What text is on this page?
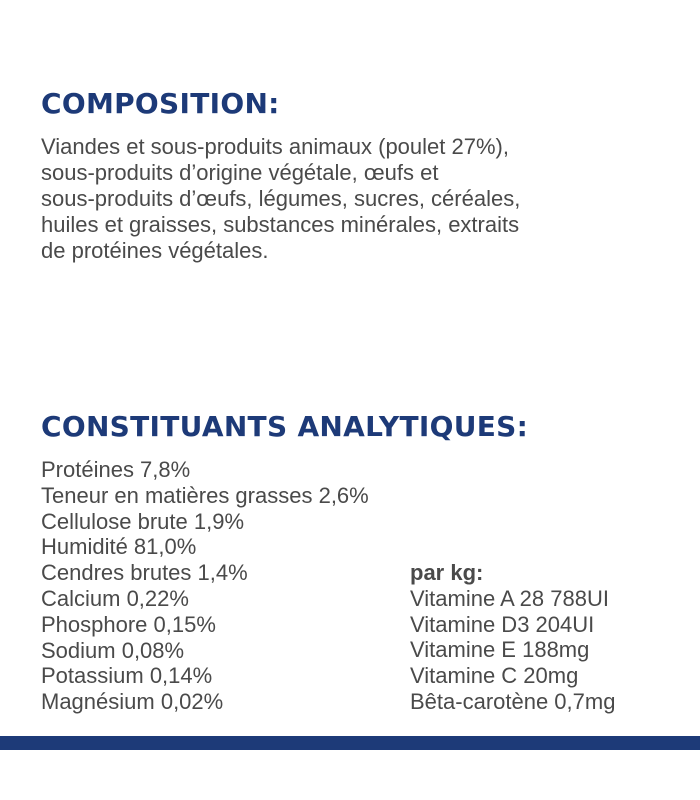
COMPOSITION:

Viandes et sous-produits animaux (poulet 27%),
sous-produits d’origine végétale, œufs et
sous-produits d’œufs, légumes, sucres, céréales,
huiles et graisses, substances minérales, extraits
de protéines végétales.

CONSTITUANTS ANALYTIQUES:
Protéines 7,8%
Teneur en matières grasses 2,6%
Cellulose brute 1,9%
Humidité 81,0%
Cendres brutes 1,4%
Calcium 0,22%
Phosphore 0,15%
Sodium 0,08%
Potassium 0,14%
Magnésium 0,02%
par kg:
Vitamine A 28 788UI
Vitamine D3 204UI
Vitamine E 188mg
Vitamine C 20mg
Bêta-carotène 0,7mg
